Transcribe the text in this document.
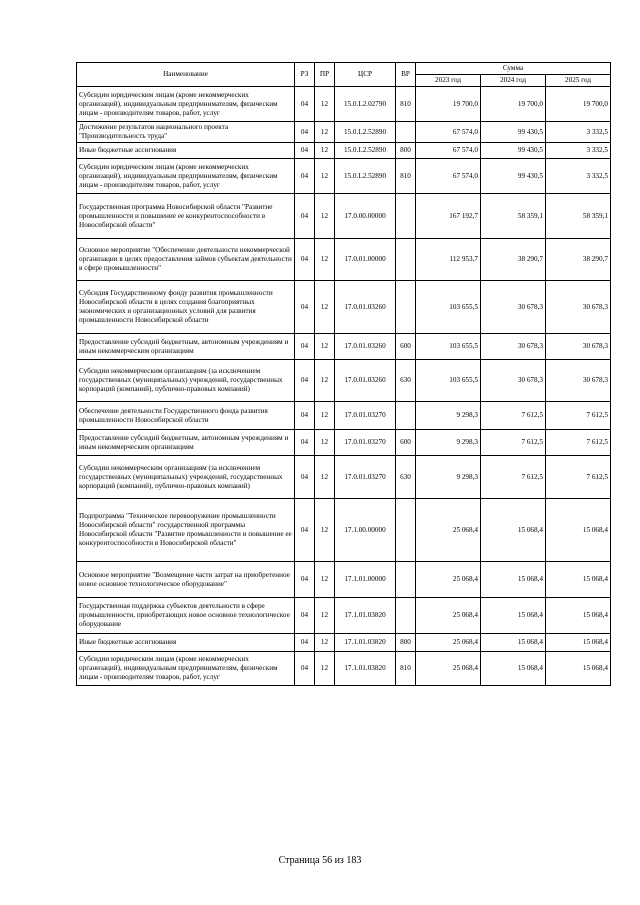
Наименование	РЗ	ПР	ЦСР	ВР	Сумма		
					2023 год	2024 год	2025 год
Субсидии юридическим лицам (кроме некоммерческих организаций), индивидуальным предпринимателям, физическим лицам - производителям товаров, работ, услуг	04	12	15.0.L2.02790	810	19 700,0	19 700,0	19 700,0
Достижение результатов национального проекта "Производительность труда"	04	12	15.0.L2.52890		67 574,0	99 430,5	3 332,5
Иные бюджетные ассигнования	04	12	15.0.L2.52890	800	67 574,0	99 430,5	3 332,5
Субсидии юридическим лицам (кроме некоммерческих организаций), индивидуальным предпринимателям, физическим лицам - производителям товаров, работ, услуг	04	12	15.0.L2.52890	810	67 574,0	99 430,5	3 332,5
Государственная программа Новосибирской области "Развитие промышленности и повышение ее конкурентоспособности в Новосибирской области"	04	12	17.0.00.00000		167 192,7	58 359,1	58 359,1
Основное мероприятие "Обеспечение деятельности некоммерческой организации в целях предоставления займов субъектам деятельности в сфере промышленности"	04	12	17.0.01.00000		112 953,7	38 290,7	38 290,7
Субсидия Государственному фонду развития промышленности Новосибирской области в целях создания благоприятных экономических и организационных условий для развития промышленности Новосибирской области	04	12	17.0.01.03260		103 655,5	30 678,3	30 678,3
Предоставление субсидий бюджетным, автономным учреждениям и иным некоммерческим организациям	04	12	17.0.01.03260	600	103 655,5	30 678,3	30 678,3
Субсидии некоммерческим организациям (за исключением государственных (муниципальных) учреждений, государственных корпораций (компаний), публично-правовых компаний)	04	12	17.0.01.03260	630	103 655,5	30 678,3	30 678,3
Обеспечение деятельности Государственного фонда развития промышленности Новосибирской области	04	12	17.0.01.03270		9 298,3	7 612,5	7 612,5
Предоставление субсидий бюджетным, автономным учреждениям и иным некоммерческим организациям	04	12	17.0.01.03270	600	9 298,3	7 612,5	7 612,5
Субсидии некоммерческим организациям (за исключением государственных (муниципальных) учреждений, государственных корпораций (компаний), публично-правовых компаний)	04	12	17.0.01.03270	630	9 298,3	7 612,5	7 612,5
Подпрограмма "Техническое перевооружение промышленности Новосибирской области" государственной программы Новосибирской области "Развитие промышленности и повышение ее конкурентоспособности в Новосибирской области"	04	12	17.1.00.00000		25 068,4	15 068,4	15 068,4
Основное мероприятие "Возмещение части затрат на приобретенное новое основное технологическое оборудование"	04	12	17.1.01.00000		25 068,4	15 068,4	15 068,4
Государственная поддержка субъектов деятельности в сфере промышленности, приобретающих новое основное технологическое оборудование	04	12	17.1.01.03820		25 068,4	15 068,4	15 068,4
Иные бюджетные ассигнования	04	12	17.1.01.03820	800	25 068,4	15 068,4	15 068,4
Субсидии юридическим лицам (кроме некоммерческих организаций), индивидуальным предпринимателям, физическим лицам - производителям товаров, работ, услуг	04	12	17.1.01.03820	810	25 068,4	15 068,4	15 068,4
Страница 56 из 183
